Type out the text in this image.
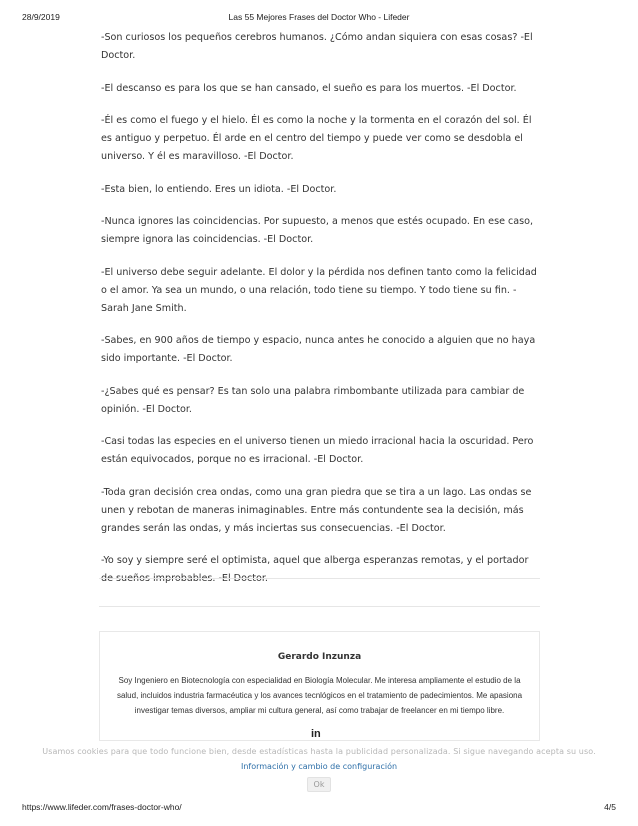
28/9/2019	Las 55 Mejores Frases del Doctor Who - Lifeder

-Son curiosos los pequeños cerebros humanos. ¿Cómo andan siquiera con esas cosas? -El Doctor.

-El descanso es para los que se han cansado, el sueño es para los muertos. -El Doctor.

-Él es como el fuego y el hielo. Él es como la noche y la tormenta en el corazón del sol. Él es antiguo y perpetuo. Él arde en el centro del tiempo y puede ver como se desdobla el universo. Y él es maravilloso. -El Doctor.

-Esta bien, lo entiendo. Eres un idiota. -El Doctor.

-Nunca ignores las coincidencias. Por supuesto, a menos que estés ocupado. En ese caso, siempre ignora las coincidencias. -El Doctor.

-El universo debe seguir adelante. El dolor y la pérdida nos definen tanto como la felicidad o el amor. Ya sea un mundo, o una relación, todo tiene su tiempo. Y todo tiene su fin. -Sarah Jane Smith.

-Sabes, en 900 años de tiempo y espacio, nunca antes he conocido a alguien que no haya sido importante. -El Doctor.

-¿Sabes qué es pensar? Es tan solo una palabra rimbombante utilizada para cambiar de opinión. -El Doctor.

-Casi todas las especies en el universo tienen un miedo irracional hacia la oscuridad. Pero están equivocados, porque no es irracional. -El Doctor.

-Toda gran decisión crea ondas, como una gran piedra que se tira a un lago. Las ondas se unen y rebotan de maneras inimaginables. Entre más contundente sea la decisión, más grandes serán las ondas, y más inciertas sus consecuencias. -El Doctor.

-Yo soy y siempre seré el optimista, aquel que alberga esperanzas remotas, y el portador

Gerardo Inzunza
Soy Ingeniero en Biotecnología con especialidad en Biología Molecular. Me interesa ampliamente el estudio de la salud, incluidos industria farmacéutica y los avances tecnlógicos en el tratamiento de padecimientos. Me apasiona investigar temas diversos, ampliar mi cultura general, así como trabajar de freelancer en mi tiempo libre.
in
Usamos cookies para que todo funcione bien, desde estadísticas hasta la publicidad personalizada. Si sigue navegando acepta su uso.
Información y cambio de configuración
Ok
https://www.lifeder.com/frases-doctor-who/	4/5
